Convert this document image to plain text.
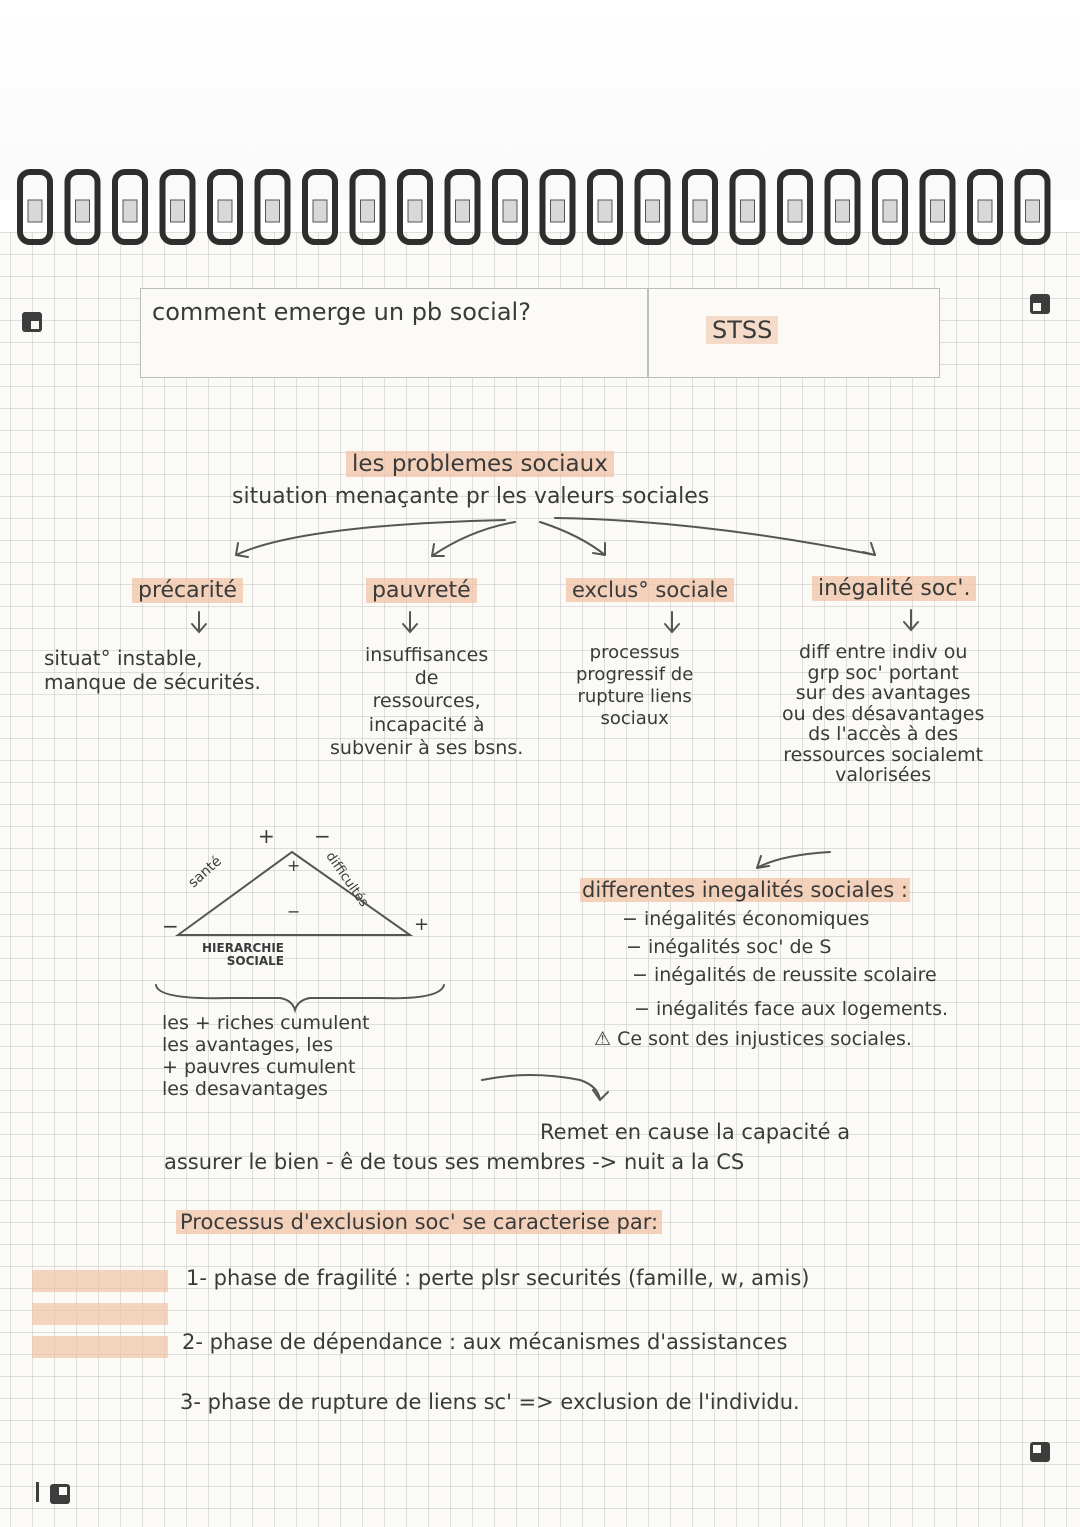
comment emerge un pb social?
STSS
les problemes sociaux
situation menaçante pr les valeurs sociales
précarité	pauvreté	exclus° sociale	inégalité soc'.
situat° instable,
manque de sécurités.
insuffisances
de
ressources,
incapacité à
subvenir à ses bsns.
processus
progressif de
rupture liens
sociaux
diff entre indiv ou
grp soc' portant
sur des avantages
ou des désavantages
ds l'accès à des
ressources socialemt
valorisées
+ −
+
−
santé	difficultés
−	+
HIERARCHIE
SOCIALE
les + riches cumulent
les avantages, les
+ pauvres cumulent
les desavantages
differentes inegalités sociales :
− inégalités économiques
− inégalités soc' de S
− inégalités de reussite scolaire
− inégalités face aux logements.
⚠ Ce sont des injustices sociales.
Remet en cause la capacité a
assurer le bien - ê de tous ses membres -> nuit a la CS
Processus d'exclusion soc' se caracterise par:
1- phase de fragilité : perte plsr securités (famille, w, amis)
2- phase de dépendance : aux mécanismes d'assistances
3- phase de rupture de liens sc' => exclusion de l'individu.
